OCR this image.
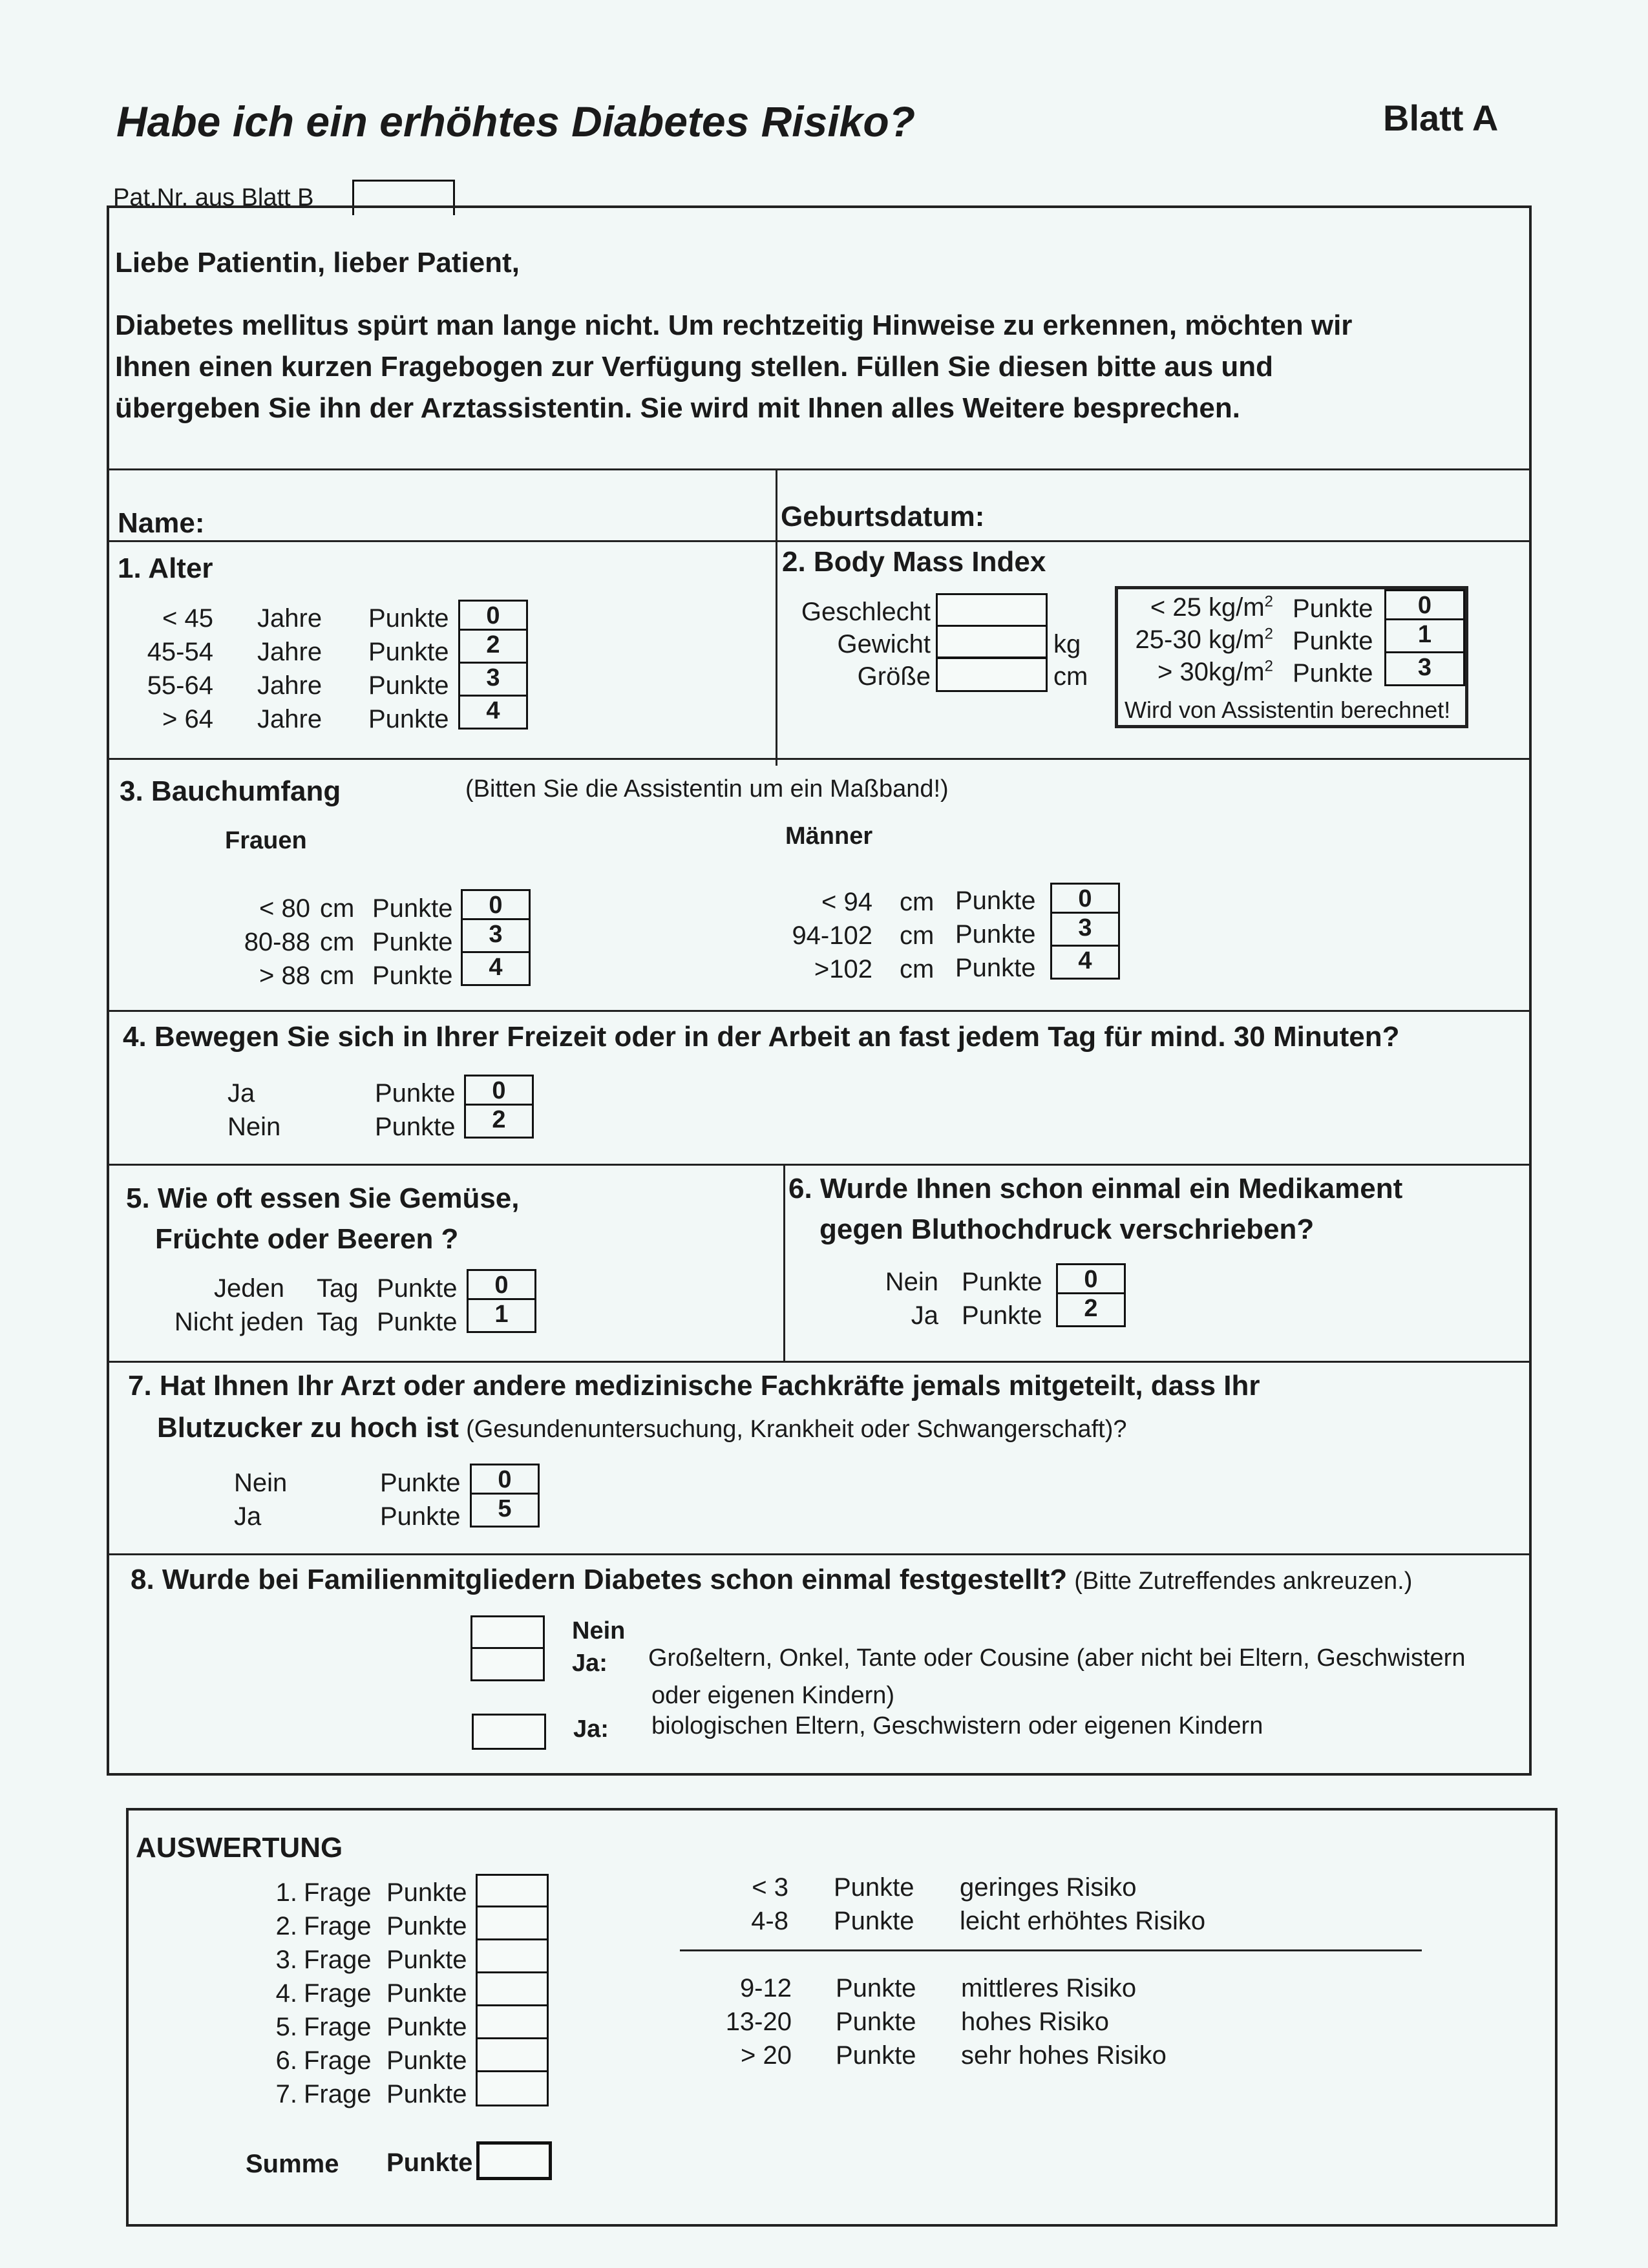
Habe ich ein erhöhtes Diabetes Risiko?	Blatt A
Pat.Nr. aus Blatt B
Liebe Patientin, lieber Patient,
Diabetes mellitus spürt man lange nicht. Um rechtzeitig Hinweise zu erkennen, möchten wir
Ihnen einen kurzen Fragebogen zur Verfügung stellen. Füllen Sie diesen bitte aus und
übergeben Sie ihn der Arztassistentin. Sie wird mit Ihnen alles Weitere besprechen.
Name:	Geburtsdatum:
1. Alter
< 45 Jahre Punkte	0
45-54 Jahre Punkte	2
55-64 Jahre Punkte	3
> 64 Jahre Punkte	4
2. Body Mass Index
Geschlecht
Gewicht	kg
Größe	cm
< 25 $kg/m^2$ Punkte	0
25-30 $kg/m^2$ Punkte	1
> $30kg/m^2$ Punkte	3
Wird von Assistentin berechnet!
3. Bauchumfang	(Bitten Sie die Assistentin um ein Maßband!)
Frauen	Männer
< 80 cm Punkte	0
80-88 cm Punkte	3
> 88 cm Punkte	4
< 94 cm Punkte	0
94-102 cm Punkte	3
>102 cm Punkte	4
4. Bewegen Sie sich in Ihrer Freizeit oder in der Arbeit an fast jedem Tag für mind. 30 Minuten?
Ja	Punkte	0
Nein	Punkte	2
5. Wie oft essen Sie Gemüse,
Früchte oder Beeren ?
Jeden Tag Punkte	0
Nicht jeden Tag Punkte	1
6. Wurde Ihnen schon einmal ein Medikament
gegen Bluthochdruck verschrieben?
Nein Punkte	0
Ja Punkte	2
7. Hat Ihnen Ihr Arzt oder andere medizinische Fachkräfte jemals mitgeteilt, dass Ihr
Blutzucker zu hoch ist (Gesundenuntersuchung, Krankheit oder Schwangerschaft)?
Nein	Punkte	0
Ja	Punkte	5
8. Wurde bei Familienmitgliedern Diabetes schon einmal festgestellt? (Bitte Zutreffendes ankreuzen.)
Nein
Ja: Großeltern, Onkel, Tante oder Cousine (aber nicht bei Eltern, Geschwistern
oder eigenen Kindern)
Ja: biologischen Eltern, Geschwistern oder eigenen Kindern
AUSWERTUNG
1. Frage Punkte
2. Frage Punkte
3. Frage Punkte
4. Frage Punkte
5. Frage Punkte
6. Frage Punkte
7. Frage Punkte
Summe Punkte
< 3 Punkte geringes Risiko
4-8 Punkte leicht erhöhtes Risiko
9-12 Punkte mittleres Risiko
13-20 Punkte hohes Risiko
> 20 Punkte sehr hohes Risiko
